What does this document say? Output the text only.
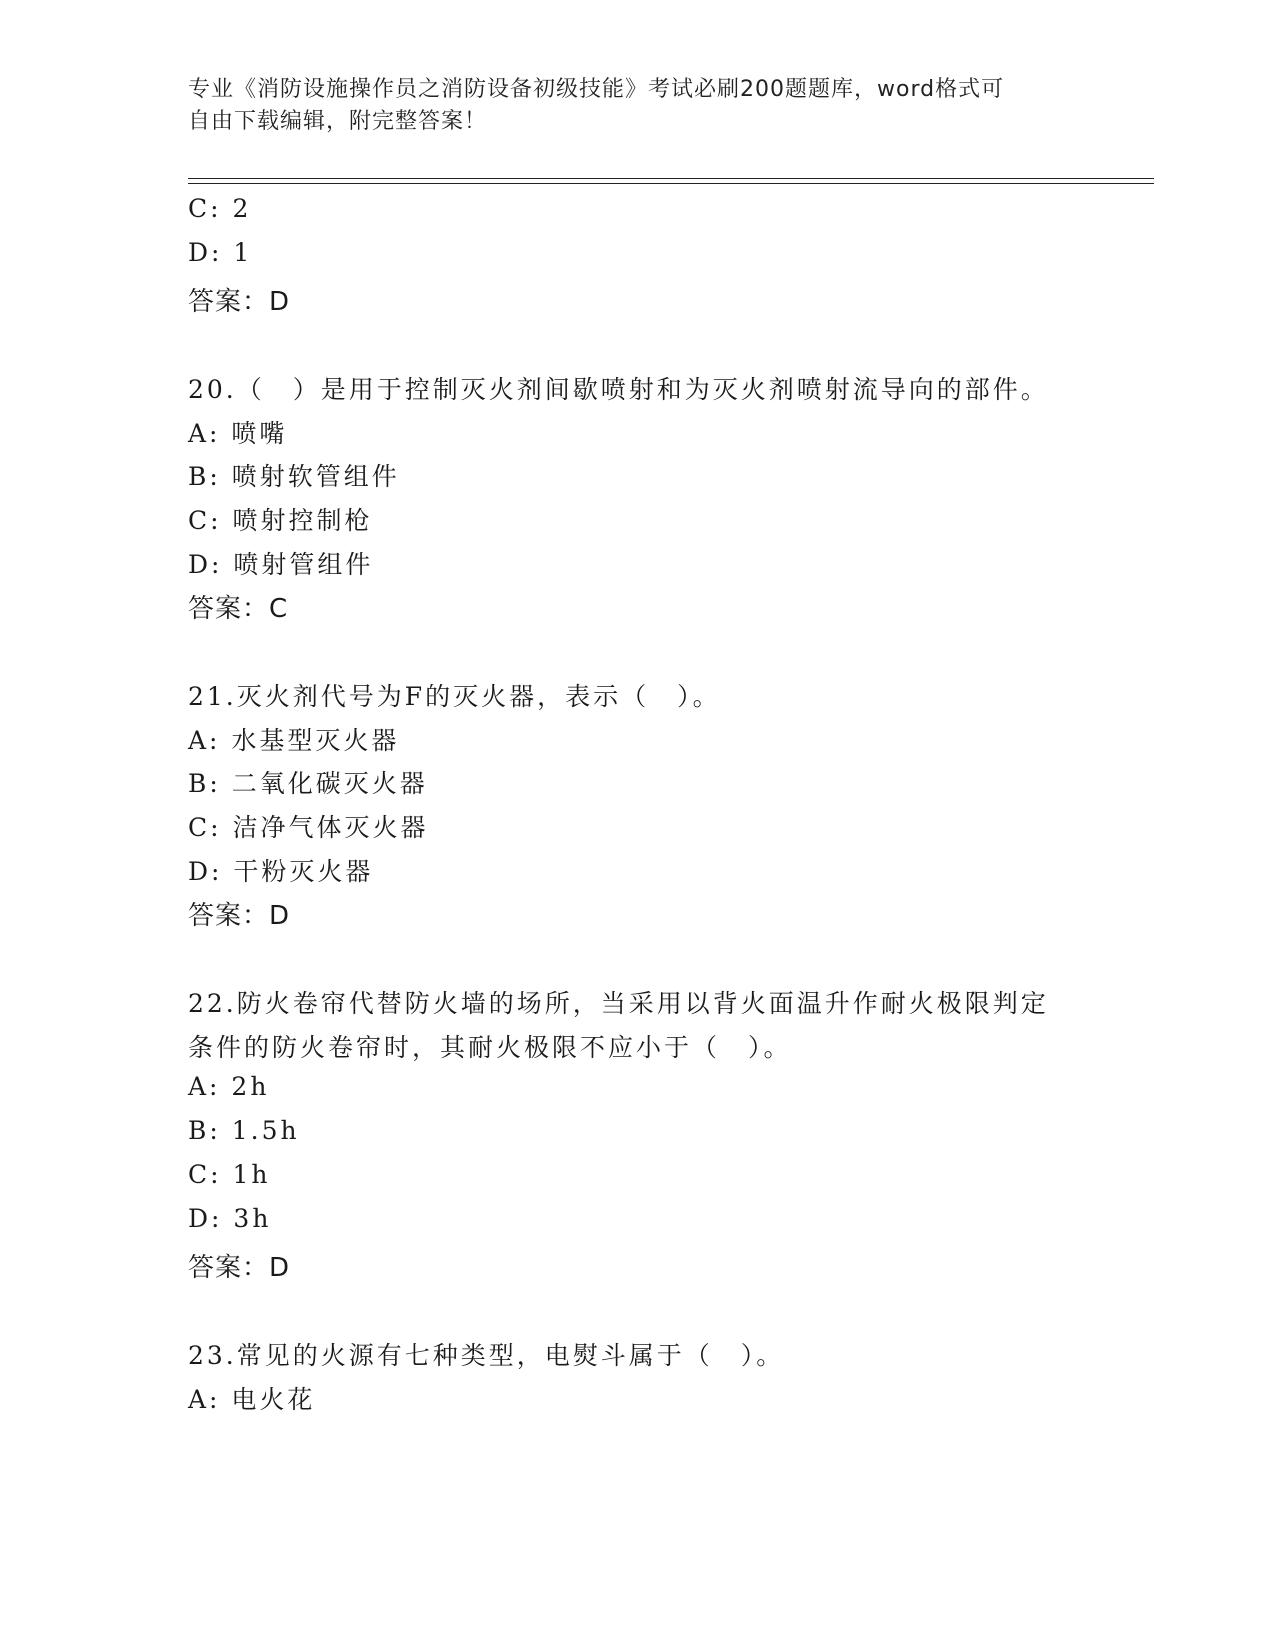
专业《消防设施操作员之消防设备初级技能》考试必刷200题题库，word格式可
自由下载编辑，附完整答案！
C: 2
D: 1
答案：D
20.（　）是用于控制灭火剂间歇喷射和为灭火剂喷射流导向的部件。
A: 喷嘴
B: 喷射软管组件
C: 喷射控制枪
D: 喷射管组件
答案：C
21.灭火剂代号为F的灭火器，表示（　）。
A: 水基型灭火器
B: 二氧化碳灭火器
C: 洁净气体灭火器
D: 干粉灭火器
答案：D
22.防火卷帘代替防火墙的场所，当采用以背火面温升作耐火极限判定
条件的防火卷帘时，其耐火极限不应小于（　）。
A: 2h
B: 1.5h
C: 1h
D: 3h
答案：D
23.常见的火源有七种类型，电熨斗属于（　）。
A: 电火花
